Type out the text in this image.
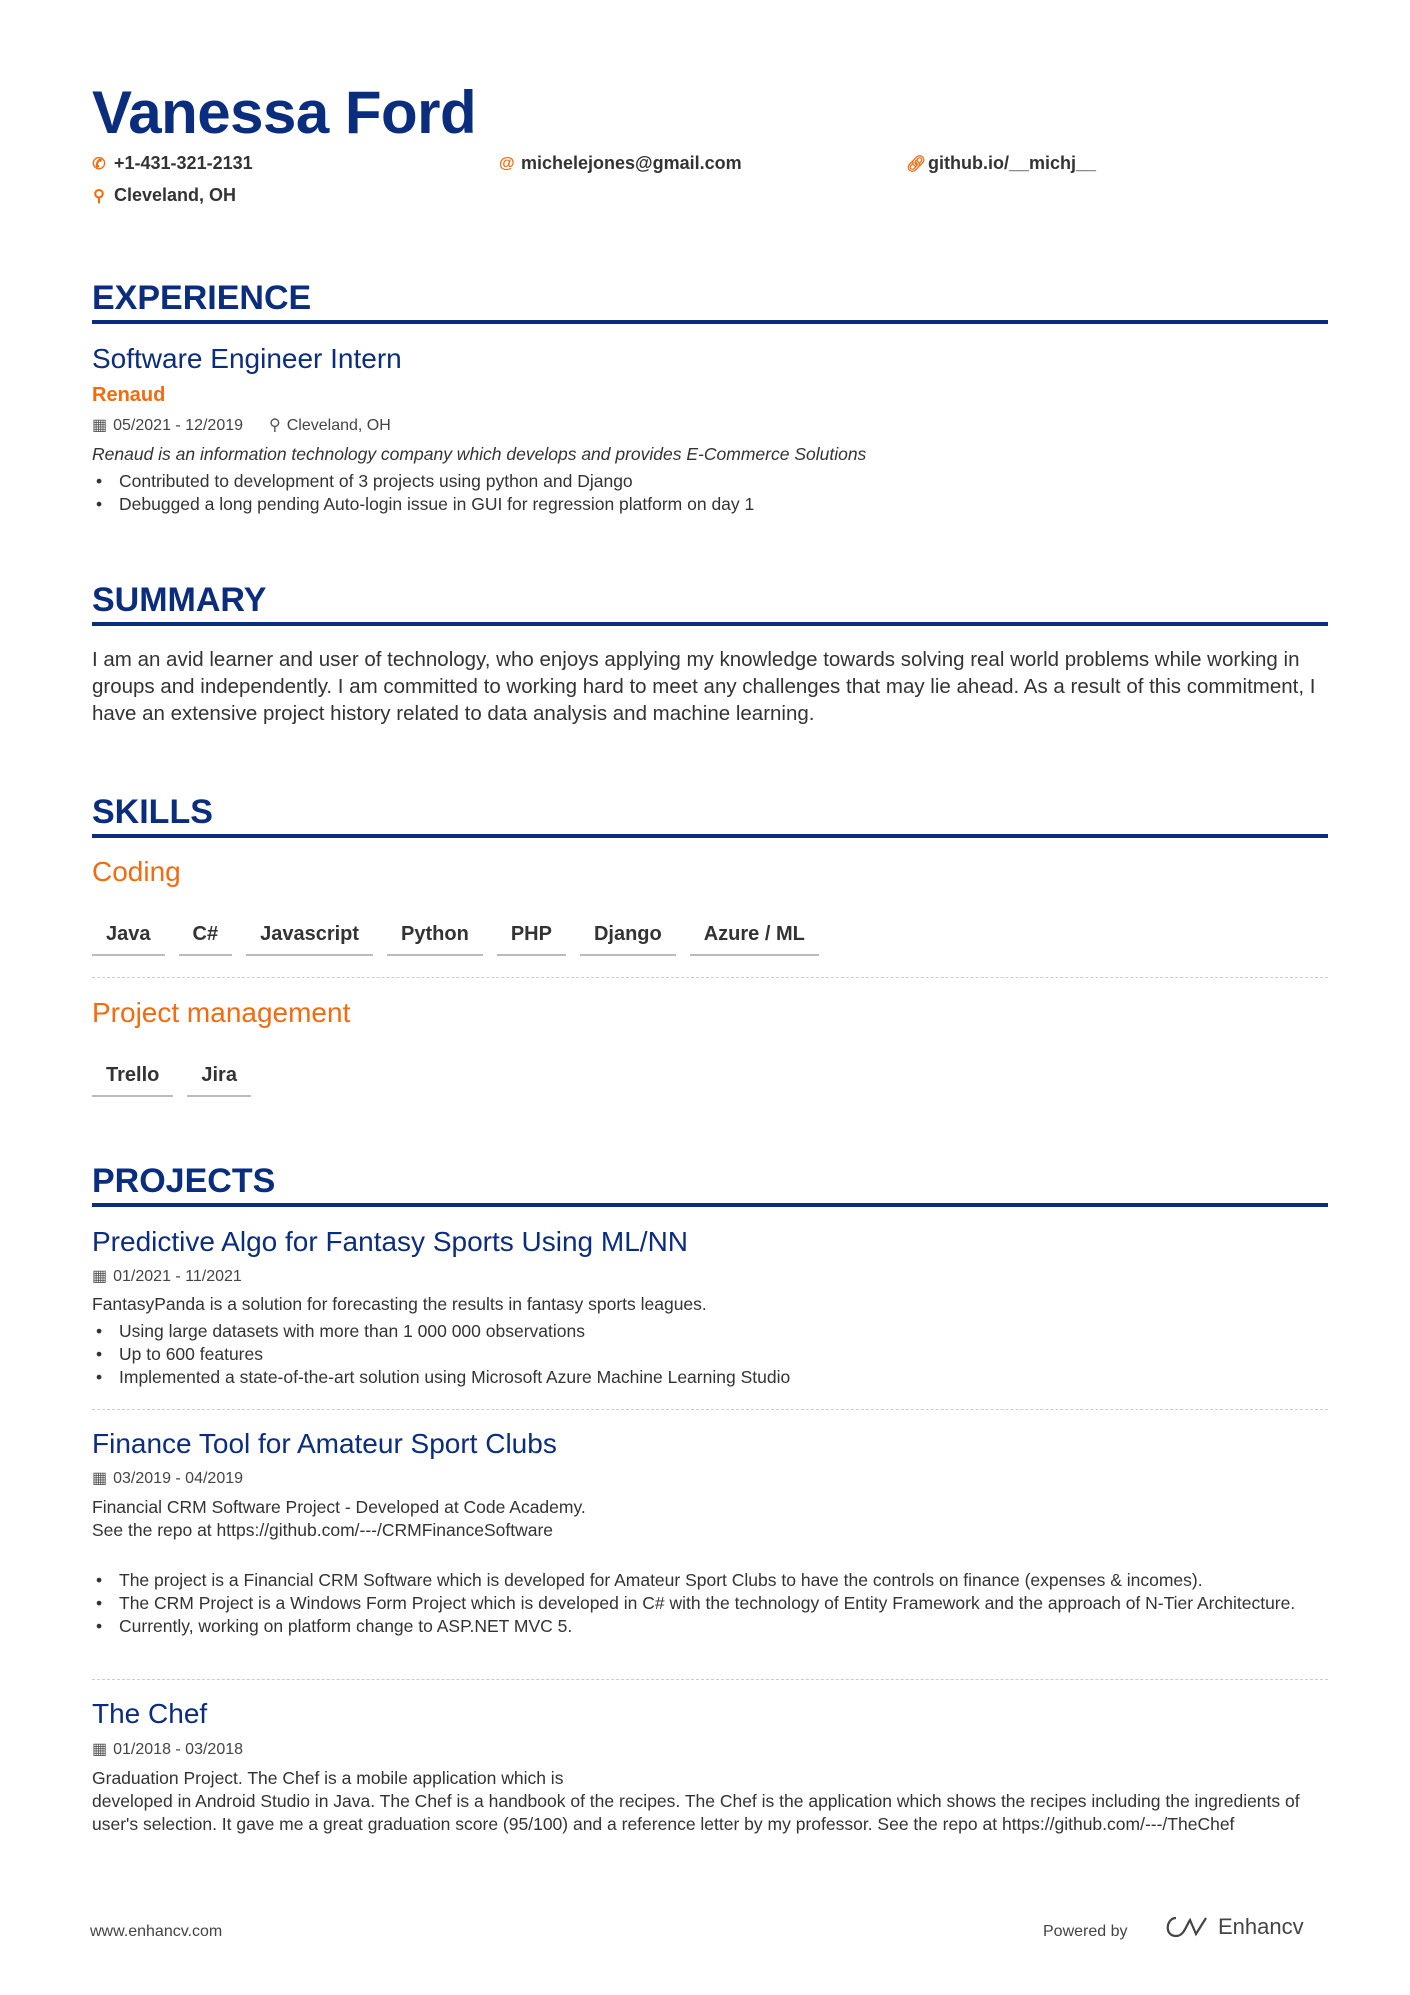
Vanessa Ford
✆ +1-431-321-2131	@ michelejones@gmail.com	🔗︎ github.io/__michj__
⚲ Cleveland, OH
EXPERIENCE
Software Engineer Intern
Renaud
▦ 05/2021 - 12/2019 ⚲ Cleveland, OH
Renaud is an information technology company which develops and provides E-Commerce Solutions
• Contributed to development of 3 projects using python and Django
• Debugged a long pending Auto-login issue in GUI for regression platform on day 1
SUMMARY
I am an avid learner and user of technology, who enjoys applying my knowledge towards solving real world problems while working in groups and independently. I am committed to working hard to meet any challenges that may lie ahead. As a result of this commitment, I have an extensive project history related to data analysis and machine learning.
SKILLS
Coding
Java	C#	Javascript	Python	PHP	Django	Azure / ML
Project management
Trello	Jira
PROJECTS
Predictive Algo for Fantasy Sports Using ML/NN
▦ 01/2021 - 11/2021
FantasyPanda is a solution for forecasting the results in fantasy sports leagues.
• Using large datasets with more than 1 000 000 observations
• Up to 600 features
• Implemented a state-of-the-art solution using Microsoft Azure Machine Learning Studio
Finance Tool for Amateur Sport Clubs
▦ 03/2019 - 04/2019
Financial CRM Software Project - Developed at Code Academy.
See the repo at https://github.com/---/CRMFinanceSoftware
• The project is a Financial CRM Software which is developed for Amateur Sport Clubs to have the controls on finance (expenses & incomes).
• The CRM Project is a Windows Form Project which is developed in C# with the technology of Entity Framework and the approach of N-Tier Architecture.
• Currently, working on platform change to ASP.NET MVC 5.
The Chef
▦ 01/2018 - 03/2018
Graduation Project. The Chef is a mobile application which is
developed in Android Studio in Java. The Chef is a handbook of the recipes. The Chef is the application which shows the recipes including the ingredients of user's selection. It gave me a great graduation score (95/100) and a reference letter by my professor. See the repo at https://github.com/---/TheChef
www.enhancv.com	Powered by	Enhancv
